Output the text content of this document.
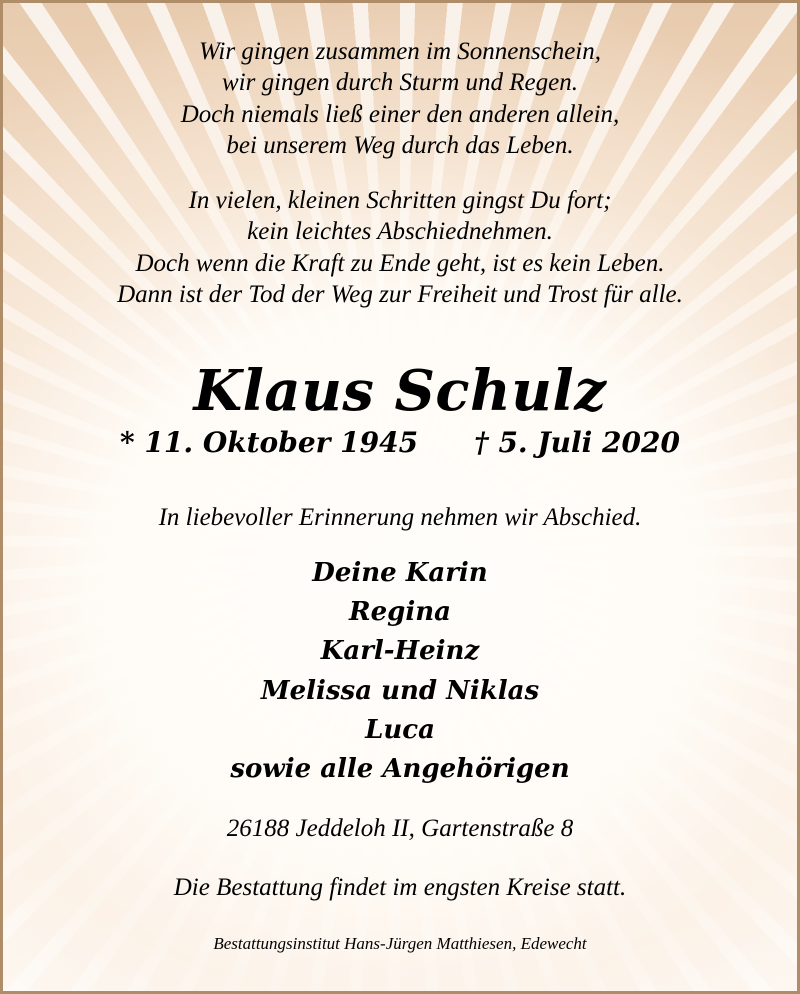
Wir gingen zusammen im Sonnenschein,

wir gingen durch Sturm und Regen.

Doch niemals ließ einer den anderen allein,

bei unserem Weg durch das Leben.

In vielen, kleinen Schritten gingst Du fort;

kein leichtes Abschiednehmen.

Doch wenn die Kraft zu Ende geht, ist es kein Leben.

Dann ist der Tod der Weg zur Freiheit und Trost für alle.

Klaus Schulz
* 11. Oktober 1945 † 5. Juli 2020
In liebevoller Erinnerung nehmen wir Abschied.

Deine Karin

Regina

Karl-Heinz

Melissa und Niklas

Luca

sowie alle Angehörigen

26188 Jeddeloh II, Gartenstraße 8
Die Bestattung findet im engsten Kreise statt.
Bestattungsinstitut Hans-Jürgen Matthiesen, Edewecht
